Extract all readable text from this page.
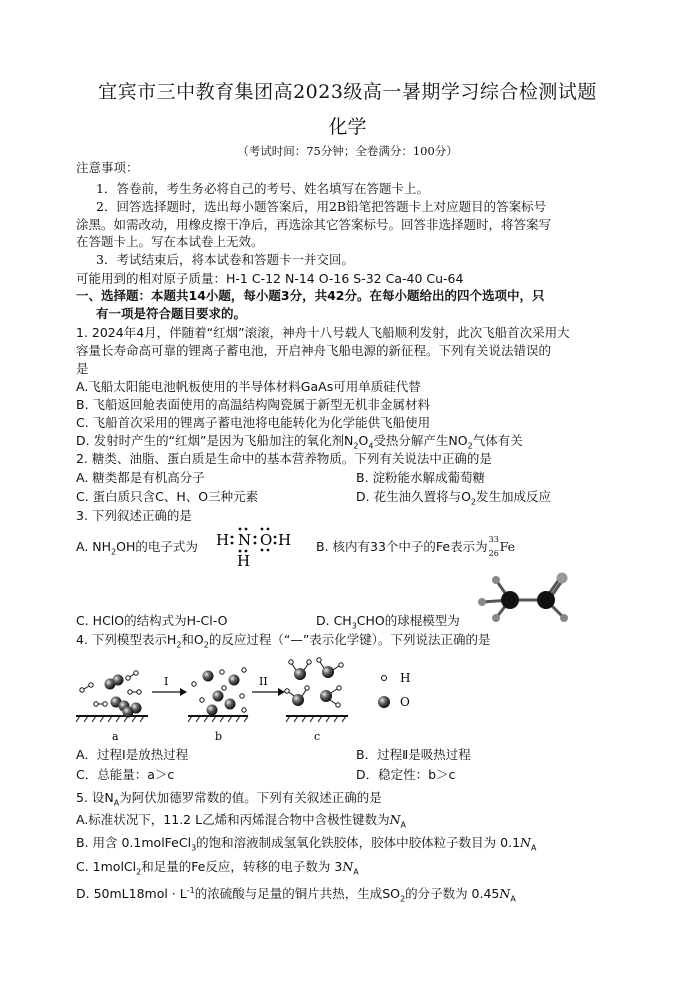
宜宾市三中教育集团高2023级高一暑期学习综合检测试题
化学
（考试时间：75分钟；全卷满分：100分）
注意事项：
1．答卷前，考生务必将自己的考号、姓名填写在答题卡上。
2．回答选择题时，选出每小题答案后，用2B铅笔把答题卡上对应题目的答案标号
涂黑。如需改动，用橡皮擦干净后，再选涂其它答案标号。回答非选择题时，将答案写
在答题卡上。写在本试卷上无效。
3．考试结束后，将本试卷和答题卡一并交回。
可能用到的相对原子质量：H-1 C-12 N-14 O-16 S-32 Ca-40 Cu-64
一、选择题：本题共14小题，每小题3分，共42分。在每小题给出的四个选项中，只
有一项是符合题目要求的。
1. 2024年4月，伴随着“红烟”滚滚，神舟十八号载人飞船顺利发射，此次飞船首次采用大
容量长寿命高可靠的锂离子蓄电池，开启神舟飞船电源的新征程。下列有关说法错误的
是
A.飞船太阳能电池帆板使用的半导体材料GaAs可用单质硅代替
B. 飞船返回舱表面使用的高温结构陶瓷属于新型无机非金属材料
C. 飞船首次采用的锂离子蓄电池将电能转化为化学能供飞船使用
D. 发射时产生的“红烟”是因为飞船加注的氧化剂$N_2O_4$受热分解产生$NO_2$气体有关
2. 糖类、油脂、蛋白质是生命中的基本营养物质。下列有关说法中正确的是
A. 糖类都是有机高分子	B. 淀粉能水解成葡萄糖
C. 蛋白质只含C、H、O三种元素	D. 花生油久置将与$O_2$发生加成反应
3. 下列叙述正确的是
A. $NH_2OH$的电子式为 H N O H
H
B. 核内有33个中子的Fe表示为 33
26 Fe
C. HClO的结构式为H-Cl-O	D. $CH_3CHO$的球棍模型为
4. 下列模型表示$H_2$和$O_2$的反应过程（“—”表示化学键）。下列说法正确的是
I	II
a	b	c
H
O
A．过程Ⅰ是放热过程	B．过程Ⅱ是吸热过程
C．总能量：a＞c	D．稳定性：b＞c
5. 设$N_A$为阿伏加德罗常数的值。下列有关叙述正确的是
A.标准状况下，11.2 L乙烯和丙烯混合物中含极性键数为$N_A$
B. 用含 0.1molFeCl$_3$的饱和溶液制成氢氧化铁胶体，胶体中胶体粒子数目为 $0.1N_A$
C. 1molCl$_2$和足量的Fe反应，转移的电子数为 $3N_A$
D. $50mL18mol \cdot L^{-1}$的浓硫酸与足量的铜片共热，生成$SO_2$的分子数为 $0.45N_A$
